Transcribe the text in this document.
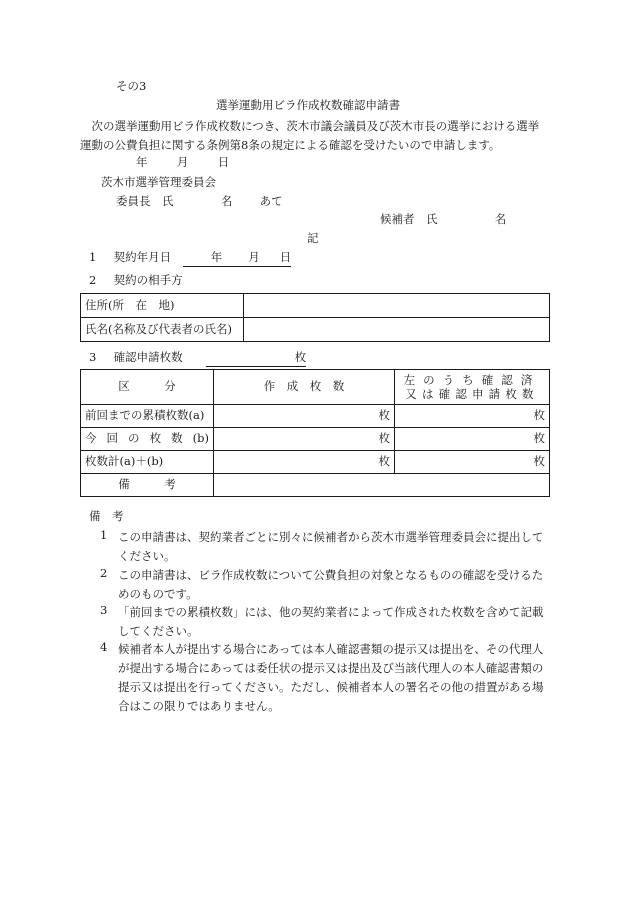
その3
選挙運動用ビラ作成枚数確認申請書
次の選挙運動用ビラ作成枚数につき、茨木市議会議員及び茨木市長の選挙における選挙運動の公費負担に関する条例第8条の規定による確認を受けたいので申請します。
年	月	日
茨木市選挙管理委員会
委員長　氏	名 あて
候補者　氏	名
記
1 契約年月日	年 月 日
2 契約の相手方
住所(所　在　地)	
氏名(名称及び代表者の氏名)	
3 確認申請枚数	枚
区　　　分	作　成　枚　数	左のうち確認済
又は確認申請枚数

前回までの累積枚数(a)	枚	枚
今回の枚数(b)	枚	枚
枚数計(a)＋(b)	枚	枚
備　　　考		
備　考
1 この申請書は、契約業者ごとに別々に候補者から茨木市選挙管理委員会に提出してください。
2 この申請書は、ビラ作成枚数について公費負担の対象となるものの確認を受けるためのものです。
3 「前回までの累積枚数」には、他の契約業者によって作成された枚数を含めて記載してください。
4 候補者本人が提出する場合にあっては本人確認書類の提示又は提出を、その代理人が提出する場合にあっては委任状の提示又は提出及び当該代理人の本人確認書類の提示又は提出を行ってください。ただし、候補者本人の署名その他の措置がある場合はこの限りではありません。
